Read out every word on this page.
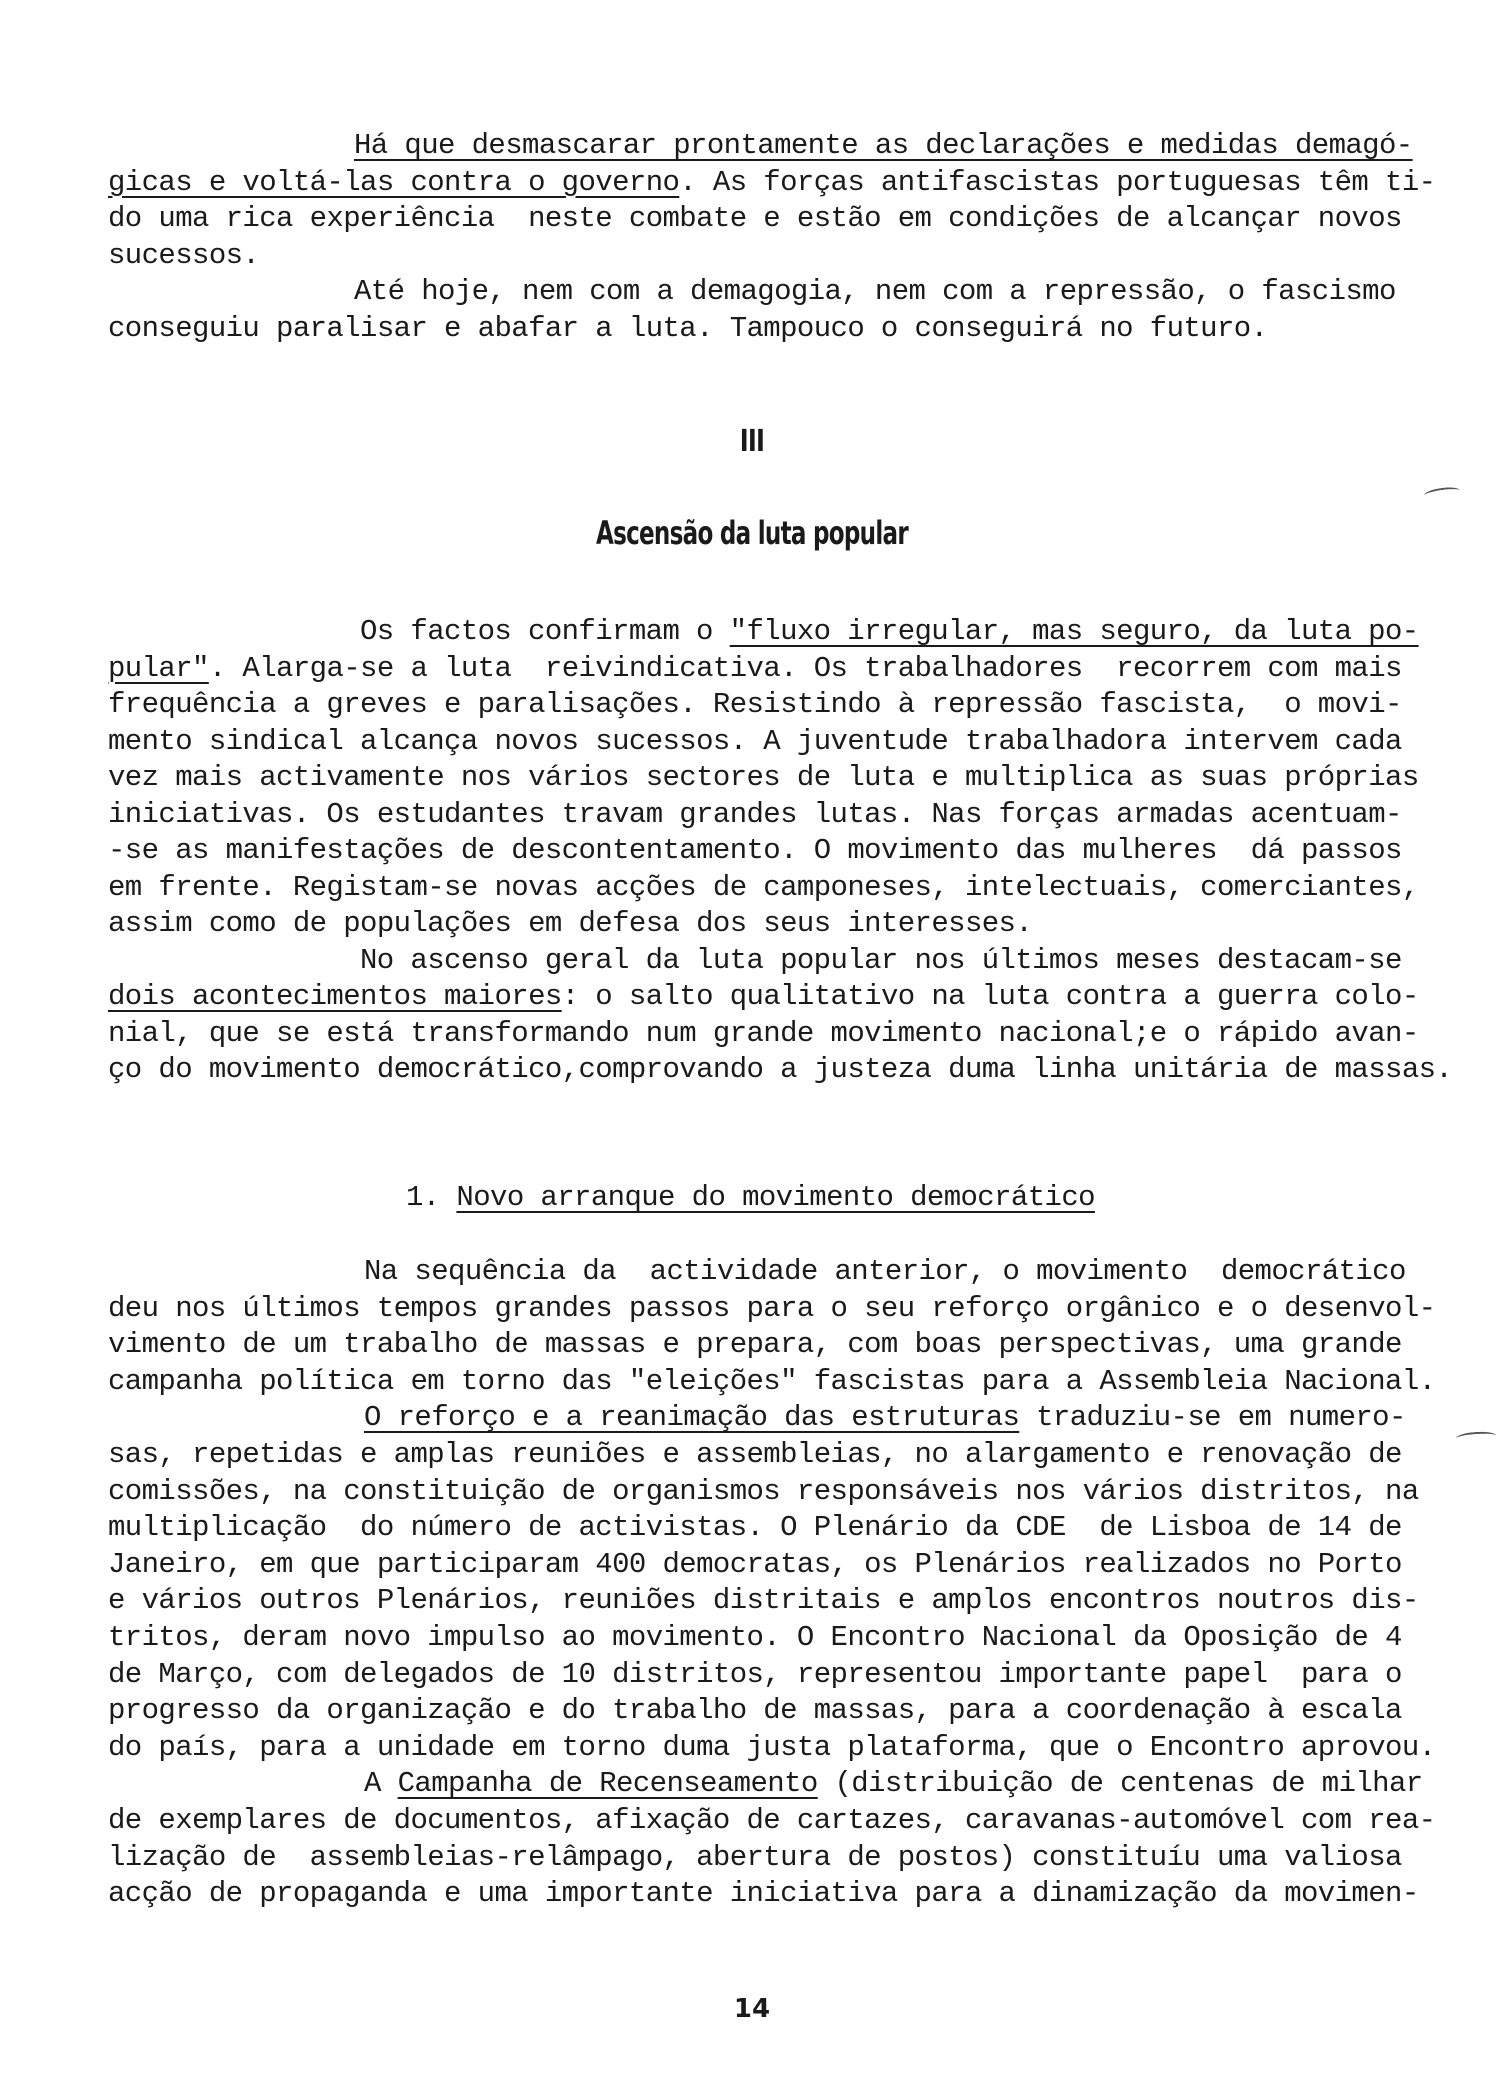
Há que desmascarar prontamente as declarações e medidas demagó-
gicas e voltá-las contra o governo. As forças antifascistas portuguesas têm ti-
do uma rica experiência  neste combate e estão em condições de alcançar novos
sucessos.
Até hoje, nem com a demagogia, nem com a repressão, o fascismo
conseguiu paralisar e abafar a luta. Tampouco o conseguirá no futuro.
III
Ascensão da luta popular
Os factos confirmam o "fluxo irregular, mas seguro, da luta po-
pular". Alarga-se a luta  reivindicativa. Os trabalhadores  recorrem com mais
frequência a greves e paralisações. Resistindo à repressão fascista,  o movi-
mento sindical alcança novos sucessos. A juventude trabalhadora intervem cada
vez mais activamente nos vários sectores de luta e multiplica as suas próprias
iniciativas. Os estudantes travam grandes lutas. Nas forças armadas acentuam-
-se as manifestações de descontentamento. O movimento das mulheres  dá passos
em frente. Registam-se novas acções de camponeses, intelectuais, comerciantes,
assim como de populações em defesa dos seus interesses.
No ascenso geral da luta popular nos últimos meses destacam-se
dois acontecimentos maiores: o salto qualitativo na luta contra a guerra colo-
nial, que se está transformando num grande movimento nacional;e o rápido avan-
ço do movimento democrático,comprovando a justeza duma linha unitária de massas.
1. Novo arranque do movimento democrático
Na sequência da  actividade anterior, o movimento  democrático
deu nos últimos tempos grandes passos para o seu reforço orgânico e o desenvol-
vimento de um trabalho de massas e prepara, com boas perspectivas, uma grande
campanha política em torno das "eleições" fascistas para a Assembleia Nacional.
O reforço e a reanimação das estruturas traduziu-se em numero-
sas, repetidas e amplas reuniões e assembleias, no alargamento e renovação de
comissões, na constituição de organismos responsáveis nos vários distritos, na
multiplicação  do número de activistas. O Plenário da CDE  de Lisboa de 14 de
Janeiro, em que participaram 400 democratas, os Plenários realizados no Porto
e vários outros Plenários, reuniões distritais e amplos encontros noutros dis-
tritos, deram novo impulso ao movimento. O Encontro Nacional da Oposição de 4
de Março, com delegados de 10 distritos, representou importante papel  para o
progresso da organização e do trabalho de massas, para a coordenação à escala
do país, para a unidade em torno duma justa plataforma, que o Encontro aprovou.
A Campanha de Recenseamento (distribuição de centenas de milhar
de exemplares de documentos, afixação de cartazes, caravanas-automóvel com rea-
lização de  assembleias-relâmpago, abertura de postos) constituíu uma valiosa
acção de propaganda e uma importante iniciativa para a dinamização da movimen-
14
